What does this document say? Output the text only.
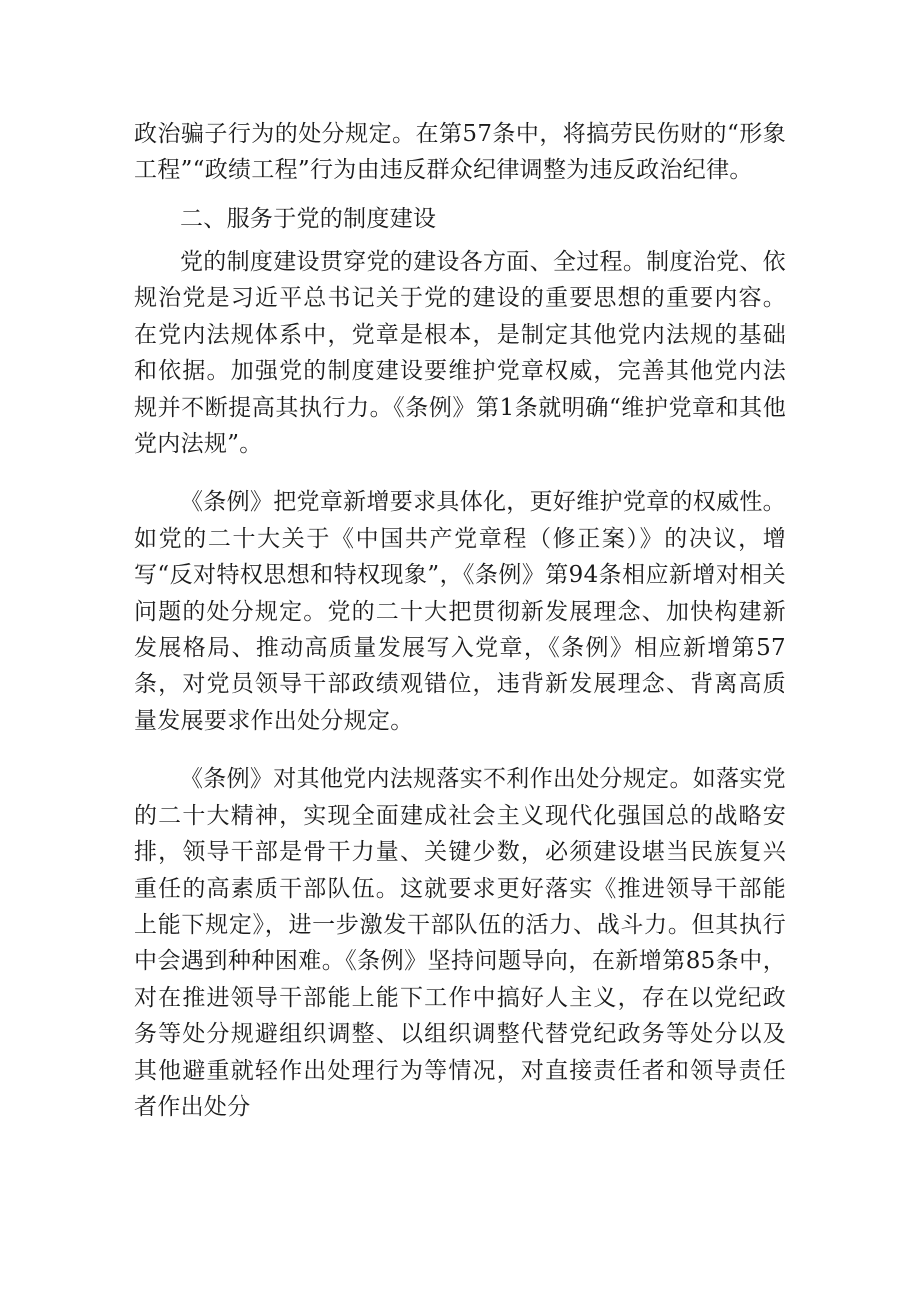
政治骗子行为的处分规定。在第57条中，将搞劳民伤财的“形象工程”“政绩工程”行为由违反群众纪律调整为违反政治纪律。

二、服务于党的制度建设

党的制度建设贯穿党的建设各方面、全过程。制度治党、依规治党是习近平总书记关于党的建设的重要思想的重要内容。在党内法规体系中，党章是根本，是制定其他党内法规的基础和依据。加强党的制度建设要维护党章权威，完善其他党内法规并不断提高其执行力。《条例》第1条就明确“维护党章和其他党内法规”。

《条例》把党章新增要求具体化，更好维护党章的权威性。如党的二十大关于《中国共产党章程（修正案）》的决议，增写“反对特权思想和特权现象”，《条例》第94条相应新增对相关问题的处分规定。党的二十大把贯彻新发展理念、加快构建新发展格局、推动高质量发展写入党章，《条例》相应新增第57条，对党员领导干部政绩观错位，违背新发展理念、背离高质量发展要求作出处分规定。

《条例》对其他党内法规落实不利作出处分规定。如落实党的二十大精神，实现全面建成社会主义现代化强国总的战略安排，领导干部是骨干力量、关键少数，必须建设堪当民族复兴重任的高素质干部队伍。这就要求更好落实《推进领导干部能上能下规定》，进一步激发干部队伍的活力、战斗力。但其执行中会遇到种种困难。《条例》坚持问题导向，在新增第85条中，对在推进领导干部能上能下工作中搞好人主义，存在以党纪政务等处分规避组织调整、以组织调整代替党纪政务等处分以及其他避重就轻作出处理行为等情况，对直接责任者和领导责任者作出处分
